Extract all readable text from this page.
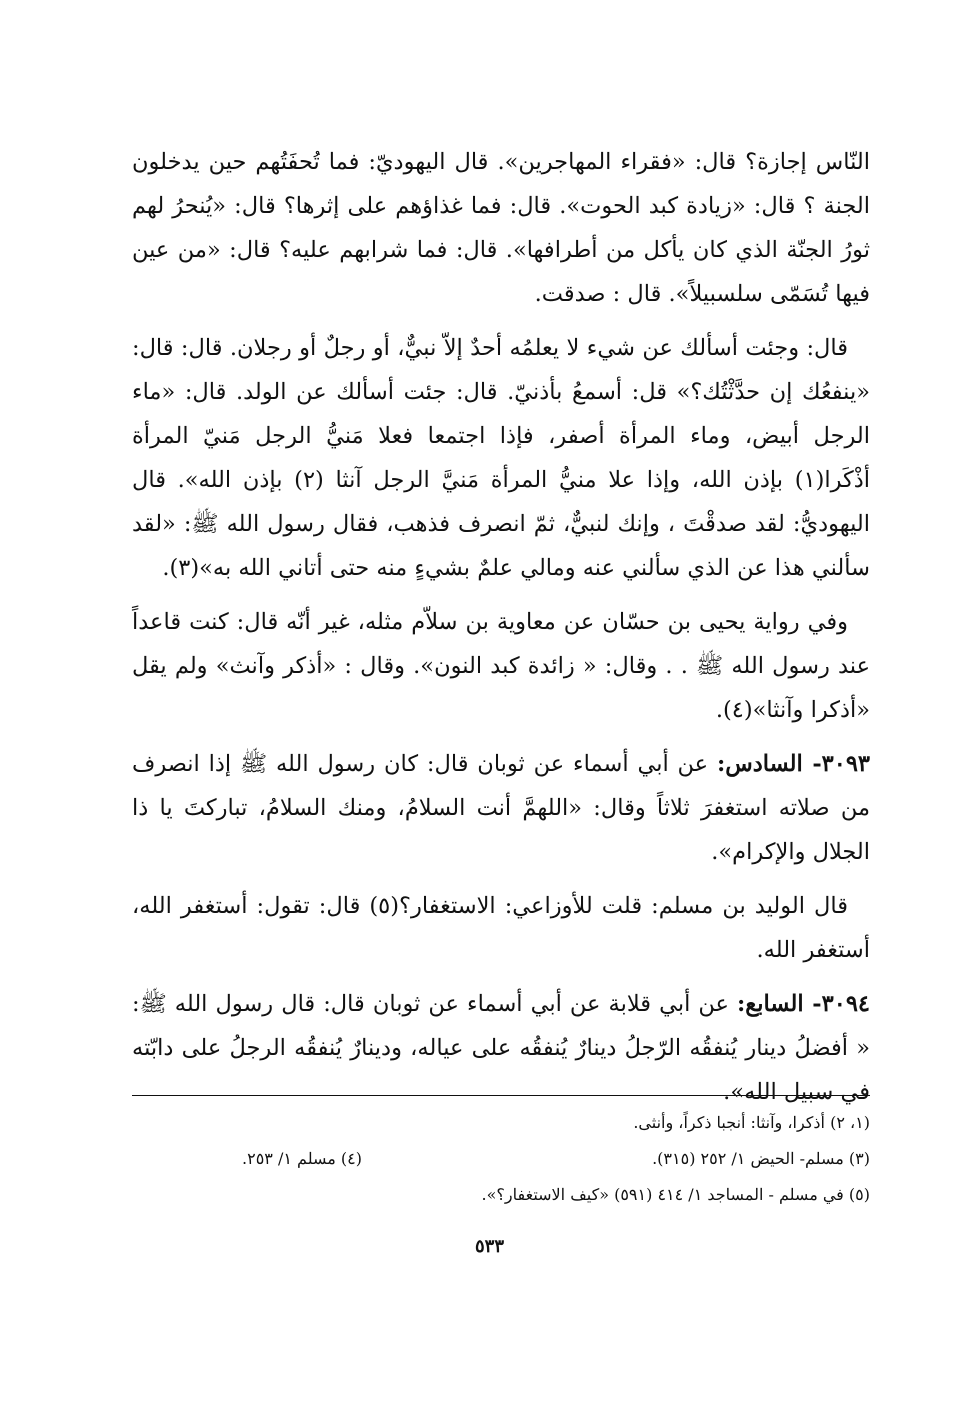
النّاس إجازة؟ قال: «فقراء المهاجرين». قال اليهوديّ: فما تُحفَتُهم حين يدخلون الجنة ؟ قال: «زيادة كبد الحوت». قال: فما غذاؤهم على إثرها؟ قال: «يُنحرُ لهم ثورُ الجنّة الذي كان يأكل من أطرافها». قال: فما شرابهم عليه؟ قال: «من عين فيها تُسَمّى سلسبيلاً». قال : صدقت.

قال: وجئت أسألك عن شيء لا يعلمُه أحدٌ إلاّ نبيٌّ، أو رجلٌ أو رجلان. قال: قال: «ينفعُك إن حدَّثْتُك؟» قل: أسمعُ بأذنيّ. قال: جئت أسألك عن الولد. قال: «ماء الرجل أبيض، وماء المرأة أصفر، فإذا اجتمعا فعلا مَنيُّ الرجل مَنيّ المرأة أذْكَرا(١) بإذن الله، وإذا علا منيُّ المرأة مَنيَّ الرجل آنثا (٢) بإذن الله». قال اليهوديُّ: لقد صدقْتَ ، وإنك لنبيٌّ، ثمّ انصرف فذهب، فقال رسول الله ﷺ: «لقد سألني هذا عن الذي سألني عنه ومالي علمٌ بشيءٍ منه حتى أتاني الله به»(٣).

وفي رواية يحيى بن حسّان عن معاوية بن سلاّم مثله، غير أنّه قال: كنت قاعداً عند رسول الله ﷺ . . وقال: « زائدة كبد النون». وقال : «أذكر وآنث» ولم يقل «أذكرا وآنثا»(٤).

٣٠٩٣- السادس: عن أبي أسماء عن ثوبان قال: كان رسول الله ﷺ إذا انصرف من صلاته استغفرَ ثلاثاً وقال: «اللهمَّ أنت السلامُ، ومنك السلامُ، تباركتَ يا ذا الجلال والإكرام».

قال الوليد بن مسلم: قلت للأوزاعي: الاستغفار؟(٥) قال: تقول: أستغفر الله، أستغفر الله.

٣٠٩٤- السابع: عن أبي قلابة عن أبي أسماء عن ثوبان قال: قال رسول الله ﷺ: « أفضلُ دينار يُنفقُه الرّجلُ دينارٌ يُنفقُه على عياله، ودينارٌ يُنفقُه الرجلُ على دابّته في سبيل الله».

(١، ٢) أذكرا، وآنثا: أنجبا ذكراً، وأنثى.
(٣) مسلم- الحيض ١/ ٢٥٢ (٣١٥).
(٤) مسلم ١/ ٢٥٣.
(٥) في مسلم - المساجد ١/ ٤١٤ (٥٩١) «كيف الاستغفار؟».
٥٣٣
